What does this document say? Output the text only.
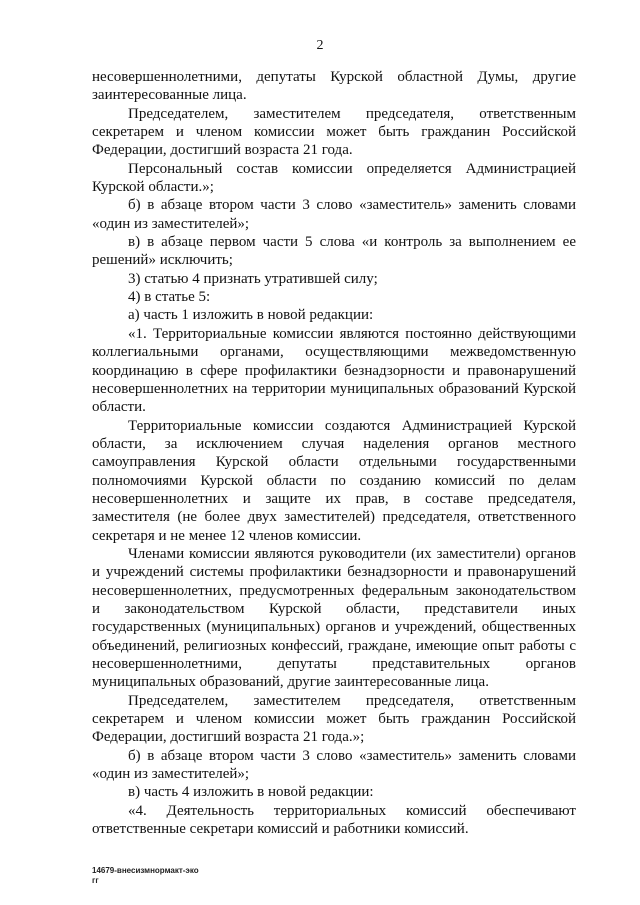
2

несовершеннолетними, депутаты Курской областной Думы, другие заинтересованные лица.

Председателем, заместителем председателя, ответственным секретарем и членом комиссии может быть гражданин Российской Федерации, достигший возраста 21 года.

Персональный состав комиссии определяется Администрацией Курской области.»;

б) в абзаце втором части 3 слово «заместитель» заменить словами «один из заместителей»;

в) в абзаце первом части 5 слова «и контроль за выполнением ее решений» исключить;

3) статью 4 признать утратившей силу;

4) в статье 5:

а) часть 1 изложить в новой редакции:

«1. Территориальные комиссии являются постоянно действующими коллегиальными органами, осуществляющими межведомственную координацию в сфере профилактики безнадзорности и правонарушений несовершеннолетних на территории муниципальных образований Курской области.

Территориальные комиссии создаются Администрацией Курской области, за исключением случая наделения органов местного самоуправления Курской области отдельными государственными полномочиями Курской области по созданию комиссий по делам несовершеннолетних и защите их прав, в составе председателя, заместителя (не более двух заместителей) председателя, ответственного секретаря и не менее 12 членов комиссии.

Членами комиссии являются руководители (их заместители) органов и учреждений системы профилактики безнадзорности и правонарушений несовершеннолетних, предусмотренных федеральным законодательством и законодательством Курской области, представители иных государственных (муниципальных) органов и учреждений, общественных объединений, религиозных конфессий, граждане, имеющие опыт работы с несовершеннолетними, депутаты представительных органов муниципальных образований, другие заинтересованные лица.

Председателем, заместителем председателя, ответственным секретарем и членом комиссии может быть гражданин Российской Федерации, достигший возраста 21 года.»;

б) в абзаце втором части 3 слово «заместитель» заменить словами «один из заместителей»;

в) часть 4 изложить в новой редакции:

«4. Деятельность территориальных комиссий обеспечивают ответственные секретари комиссий и работники комиссий.

14679-внесизмнормакт-эко
гг
